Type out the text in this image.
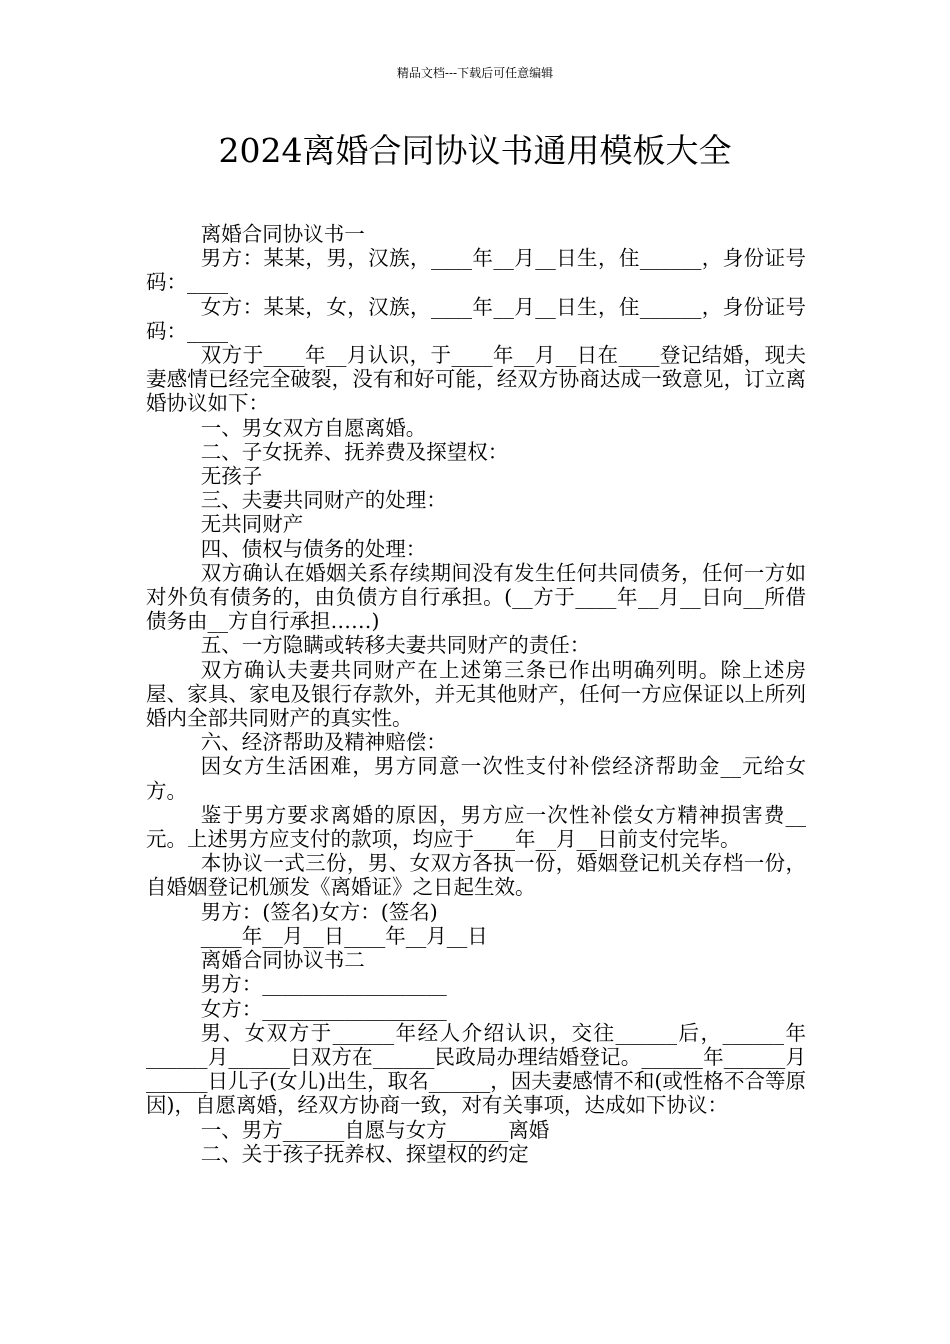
精品文档---下载后可任意编辑
2024离婚合同协议书通用模板大全

离婚合同协议书一

男方：某某，男，汉族，____年__月__日生，住______，身份证号码：____

女方：某某，女，汉族，____年__月__日生，住______，身份证号码：____

双方于____年__月认识，于____年__月__日在____登记结婚，现夫妻感情已经完全破裂，没有和好可能，经双方协商达成一致意见，订立离婚协议如下：

一、男女双方自愿离婚。

二、子女抚养、抚养费及探望权：

无孩子

三、夫妻共同财产的处理：

无共同财产

四、债权与债务的处理：

双方确认在婚姻关系存续期间没有发生任何共同债务，任何一方如对外负有债务的，由负债方自行承担。(__方于____年__月__日向__所借债务由__方自行承担……)

五、一方隐瞒或转移夫妻共同财产的责任：

双方确认夫妻共同财产在上述第三条已作出明确列明。除上述房屋、家具、家电及银行存款外，并无其他财产，任何一方应保证以上所列婚内全部共同财产的真实性。

六、经济帮助及精神赔偿：

因女方生活困难，男方同意一次性支付补偿经济帮助金__元给女方。

鉴于男方要求离婚的原因，男方应一次性补偿女方精神损害费__元。上述男方应支付的款项，均应于____年__月__日前支付完毕。

本协议一式三份，男、女双方各执一份，婚姻登记机关存档一份，自婚姻登记机颁发《离婚证》之日起生效。

男方：(签名)女方：(签名)

____年__月__日____年__月__日

离婚合同协议书二

男方：__________________

女方：__________________

男、女双方于______年经人介绍认识，交往______后，______年______月______日双方在______民政局办理结婚登记。______年______月______日儿子(女儿)出生，取名______，因夫妻感情不和(或性格不合等原因)，自愿离婚，经双方协商一致，对有关事项，达成如下协议：

一、男方______自愿与女方______离婚

二、关于孩子抚养权、探望权的约定
